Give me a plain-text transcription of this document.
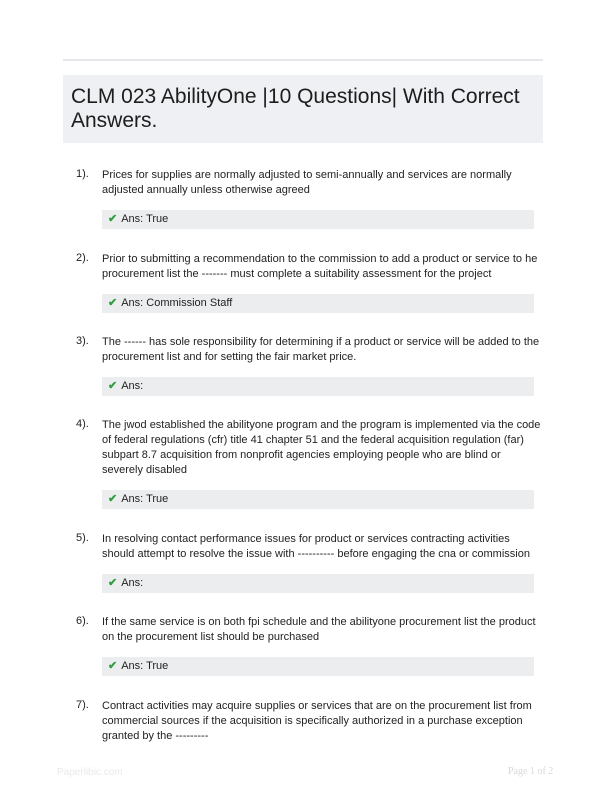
CLM 023 AbilityOne |10 Questions| With Correct Answers.
1). Prices for supplies are normally adjusted to semi-annually and services are normally adjusted annually unless otherwise agreed
✔ Ans: True
2). Prior to submitting a recommendation to the commission to add a product or service to he procurement list the ------- must complete a suitability assessment for the project
✔ Ans: Commission Staff
3). The ------ has sole responsibility for determining if a product or service will be added to the procurement list and for setting the fair market price.
✔ Ans:
4). The jwod established the abilityone program and the program is implemented via the code of federal regulations (cfr) title 41 chapter 51 and the federal acquisition regulation (far) subpart 8.7 acquisition from nonprofit agencies employing people who are blind or severely disabled
✔ Ans: True
5). In resolving contact performance issues for product or services contracting activities should attempt to resolve the issue with ---------- before engaging the cna or commission
✔ Ans:
6). If the same service is on both fpi schedule and the abilityone procurement list the product on the procurement list should be purchased
✔ Ans: True
7). Contract activities may acquire supplies or services that are on the procurement list from commercial sources if the acquisition is specifically authorized in a purchase exception granted by the ---------
Paperlibic.com	Page 1 of 2
